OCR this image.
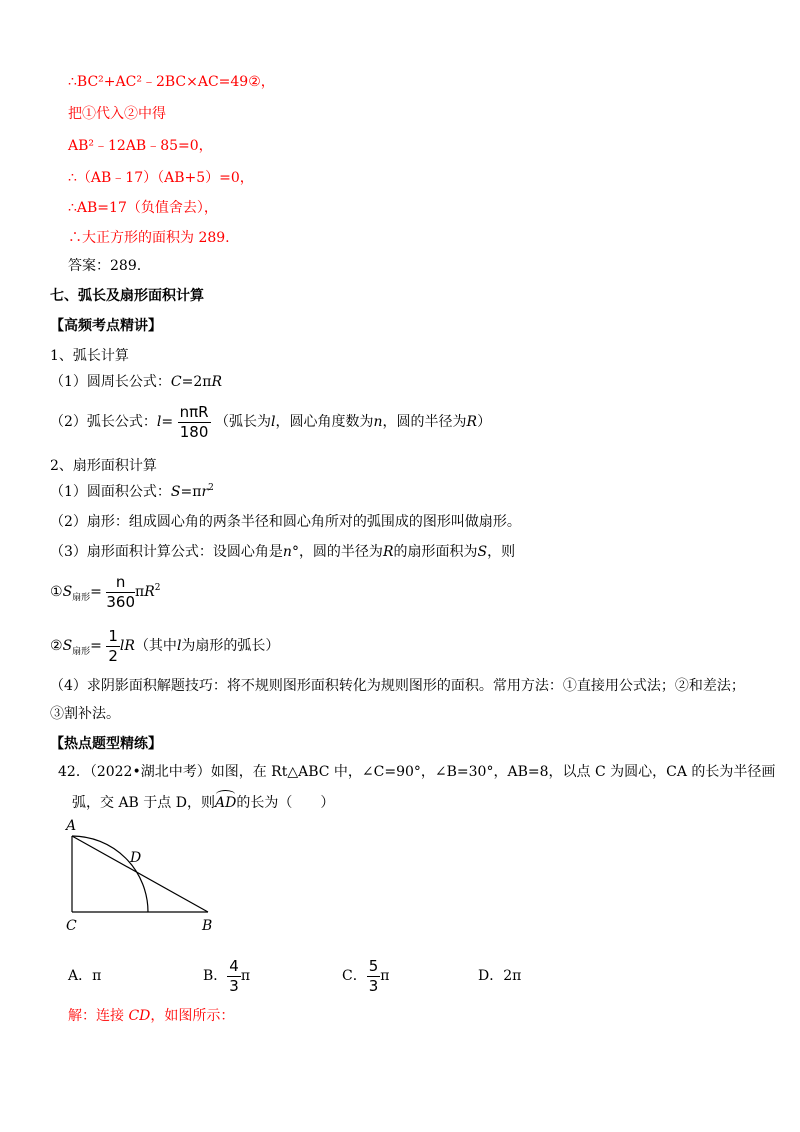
∴BC²+AC²﹣2BC×AC=49②，
把①代入②中得
AB²﹣12AB﹣85=0，
∴（AB﹣17）（AB+5）=0，
∴AB=17（负值舍去），
∴大正方形的面积为 289.
答案：289.
七、弧长及扇形面积计算
【高频考点精讲】
1、弧长计算
（1）圆周长公式：C=2πR
（2）弧长公式：$l= \frac{\text{nπR}}{180}$ （弧长为l，圆心角度数为n，圆的半径为R）
2、扇形面积计算
（1）圆面积公式：$S=\pi r^2$
（2）扇形：组成圆心角的两条半径和圆心角所对的弧围成的图形叫做扇形。
（3）扇形面积计算公式：设圆心角是n°，圆的半径为R的扇形面积为S，则
$①S_{扇形}= \frac{n}{360} \pi R^2$
$②S_{扇形}= \frac{1}{2} lR$（其中l为扇形的弧长）
（4）求阴影面积解题技巧：将不规则图形面积转化为规则图形的面积。常用方法：①直接用公式法；②和差法；
③割补法。
【热点题型精练】
42．（2022•湖北中考）如图，在 Rt△ABC 中，∠C=90°，∠B=30°，AB=8，以点 C 为圆心，CA 的长为半径画
弧，交 AB 于点 D，则AD的长为（　　）
A
D
C	B
A．π	B． $\frac{4}{3}$ π	C． $\frac{5}{3}$ π	D．2π
解：连接 CD，如图所示：
